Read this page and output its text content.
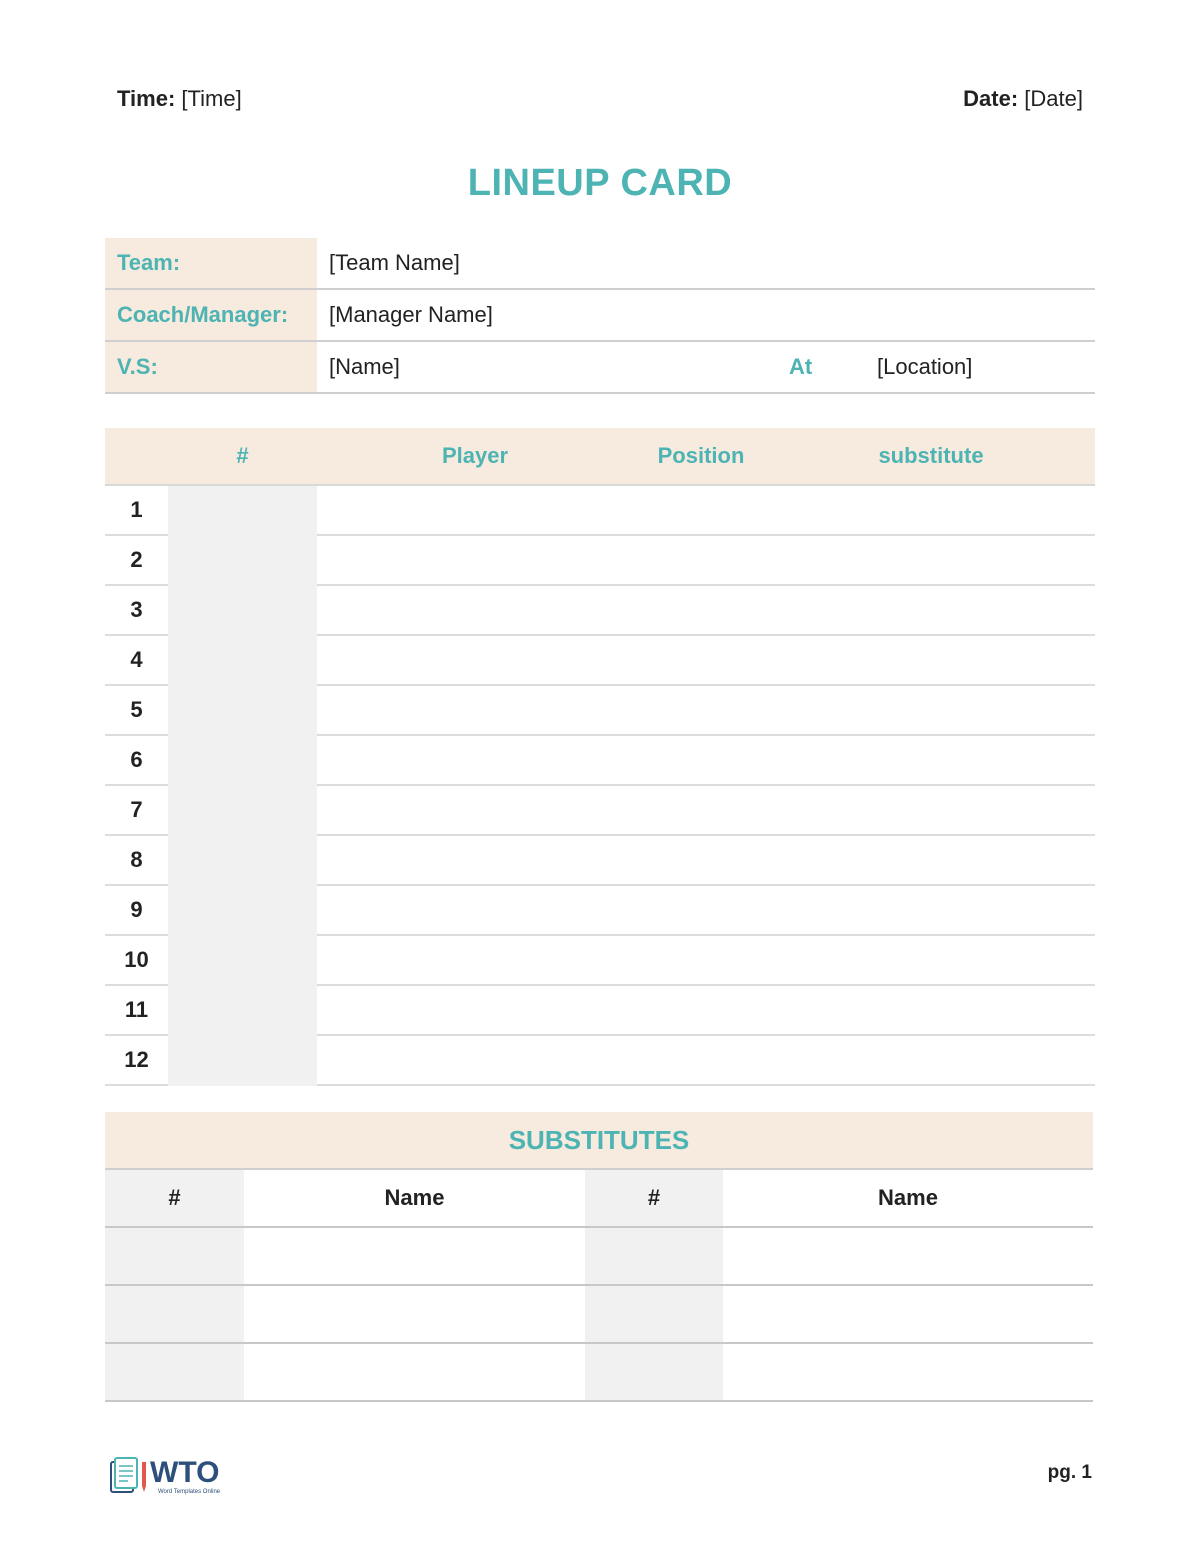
Time: [Time]	Date: [Date]
LINEUP CARD
Team:	[Team Name]
Coach/Manager:	[Manager Name]
V.S:	[Name]	At	[Location]
#	Player	Position	substitute
1
2
3
4
5
6
7
8
9
10
11
12
SUBSTITUTES
#	Name	#	Name
WTO
Word Templates Online
pg. 1
